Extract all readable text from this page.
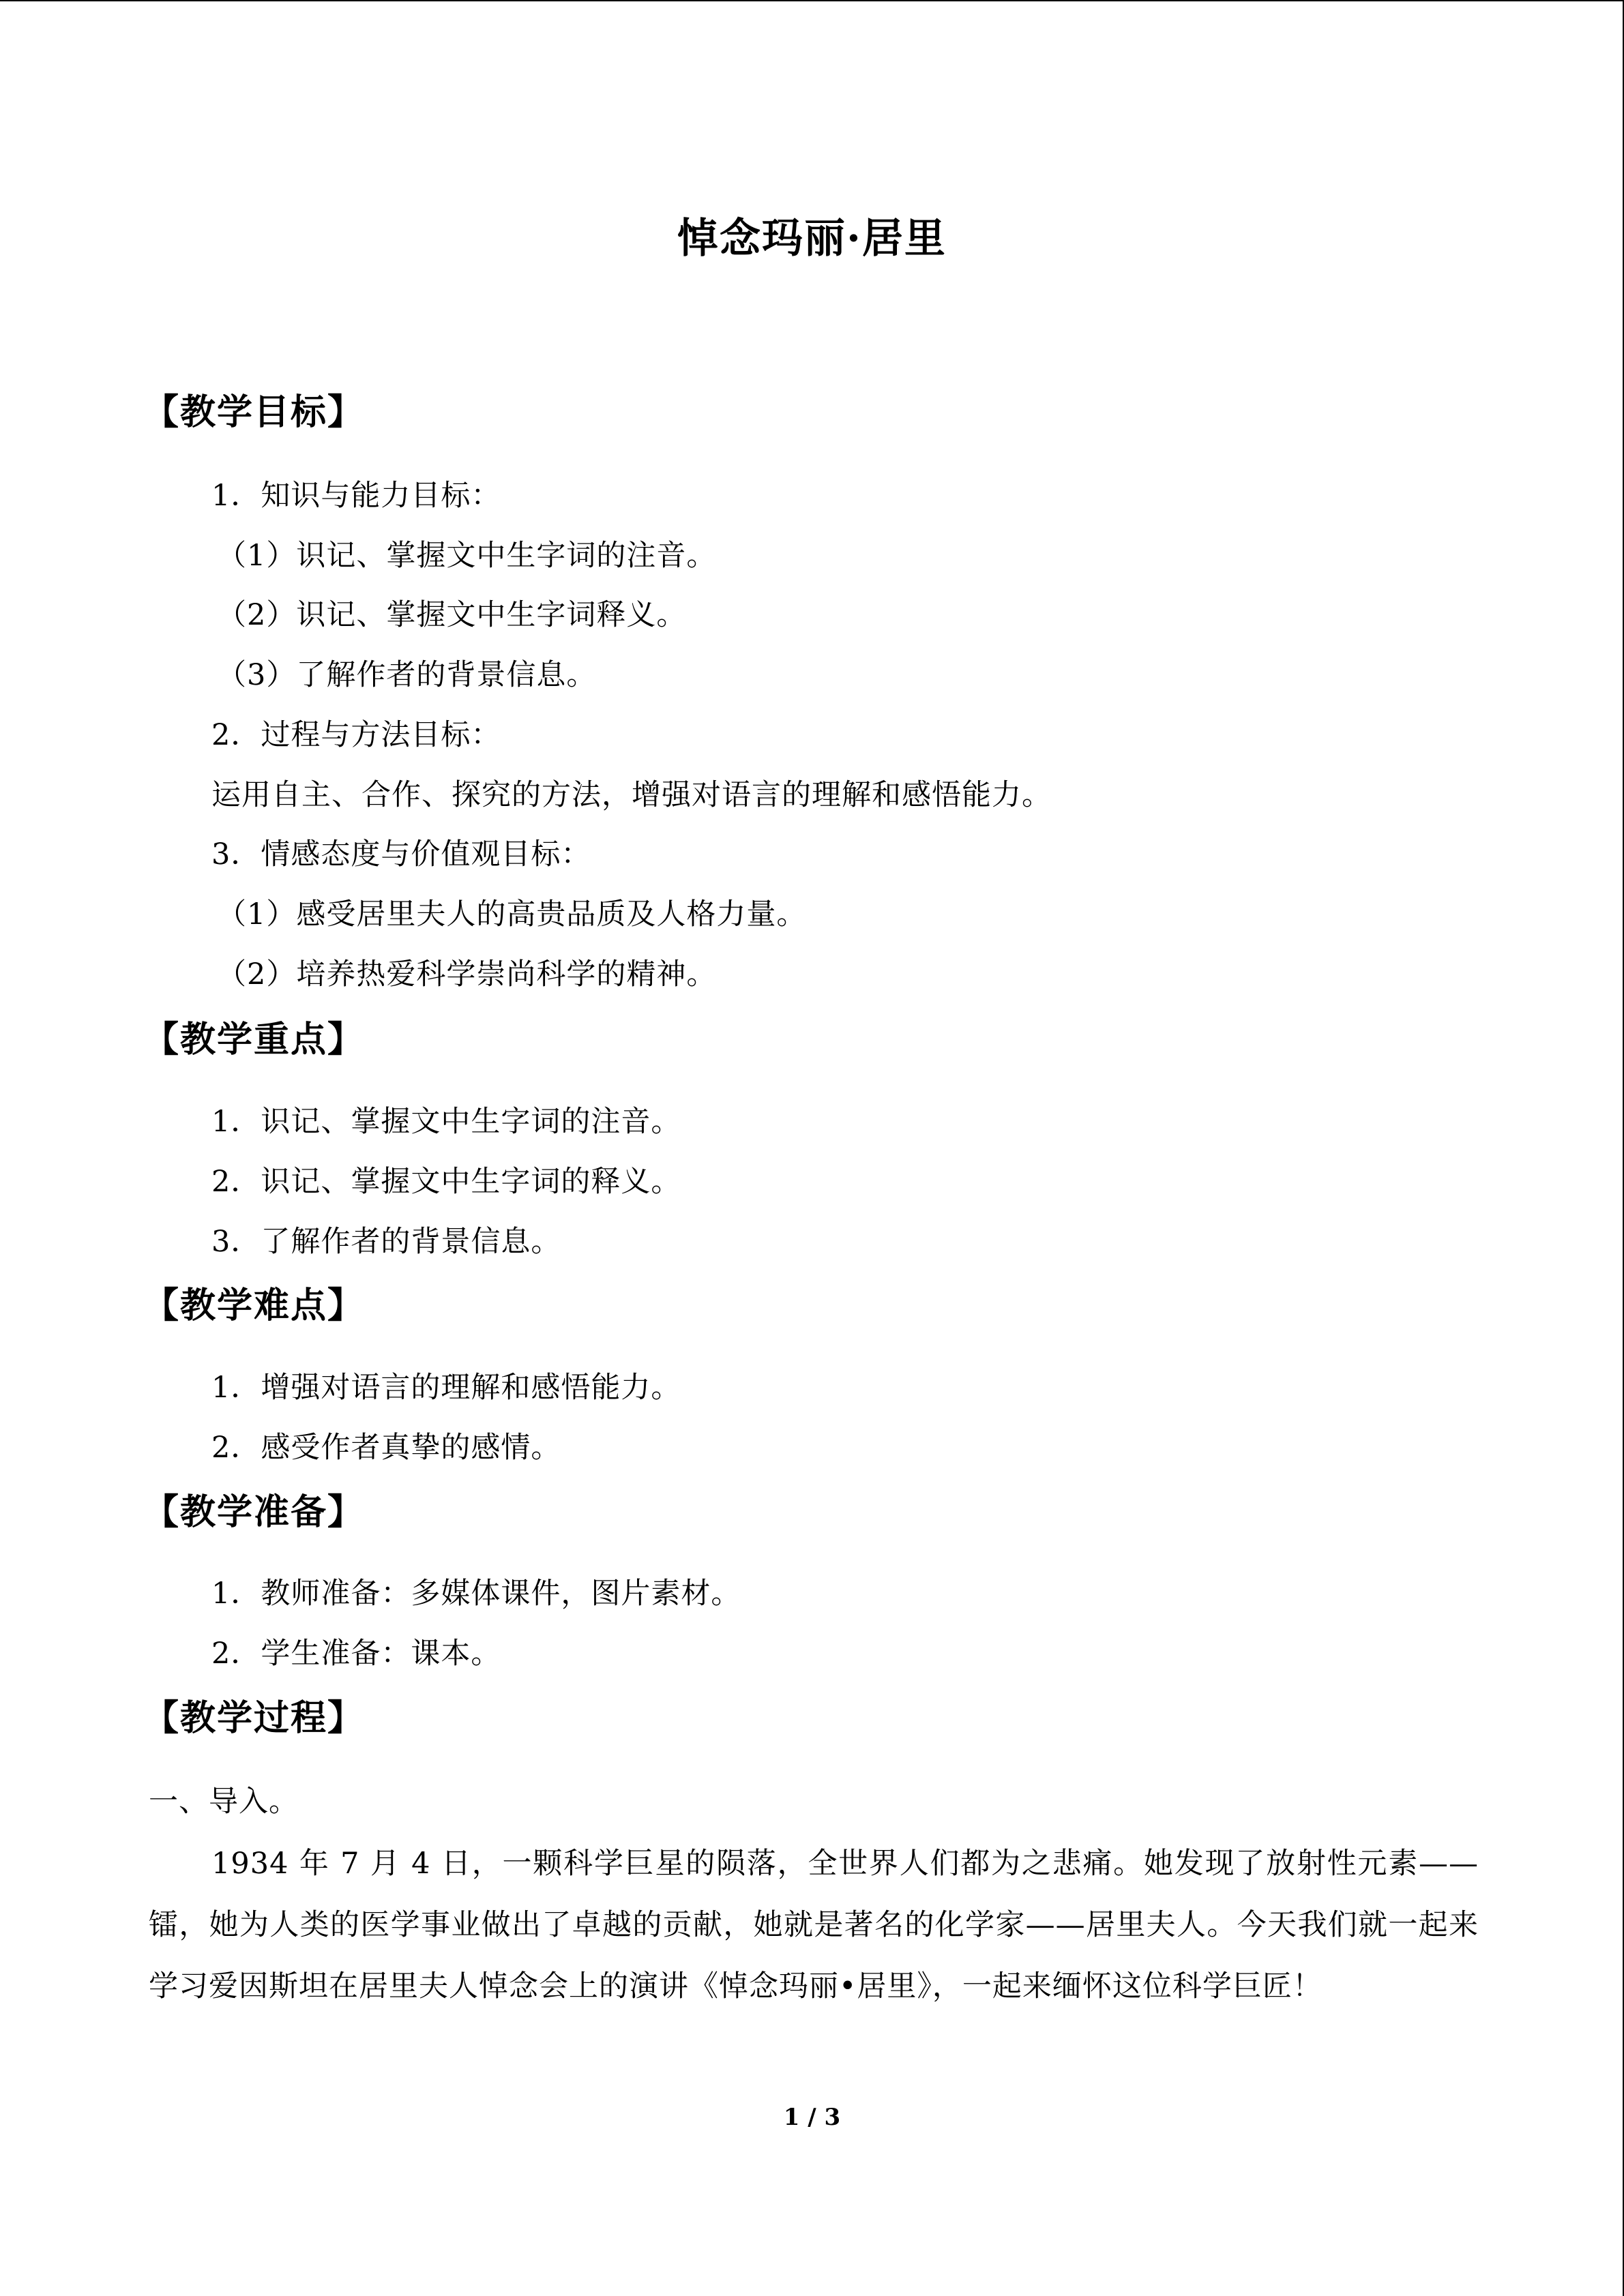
悼念玛丽·居里
【教学目标】
1．知识与能力目标：
（1）识记、掌握文中生字词的注音。
（2）识记、掌握文中生字词释义。
（3）了解作者的背景信息。
2．过程与方法目标：
运用自主、合作、探究的方法，增强对语言的理解和感悟能力。
3．情感态度与价值观目标：
（1）感受居里夫人的高贵品质及人格力量。
（2）培养热爱科学崇尚科学的精神。
【教学重点】
1．识记、掌握文中生字词的注音。
2．识记、掌握文中生字词的释义。
3．了解作者的背景信息。
【教学难点】
1．增强对语言的理解和感悟能力。
2．感受作者真挚的感情。
【教学准备】
1．教师准备：多媒体课件，图片素材。
2．学生准备：课本。
【教学过程】
一、导入。
1934 年 7 月 4 日，一颗科学巨星的陨落，全世界人们都为之悲痛。她发现了放射性元素——镭，她为人类的医学事业做出了卓越的贡献，她就是著名的化学家——居里夫人。今天我们就一起来学习爱因斯坦在居里夫人悼念会上的演讲《悼念玛丽•居里》，一起来缅怀这位科学巨匠！
1 / 3
